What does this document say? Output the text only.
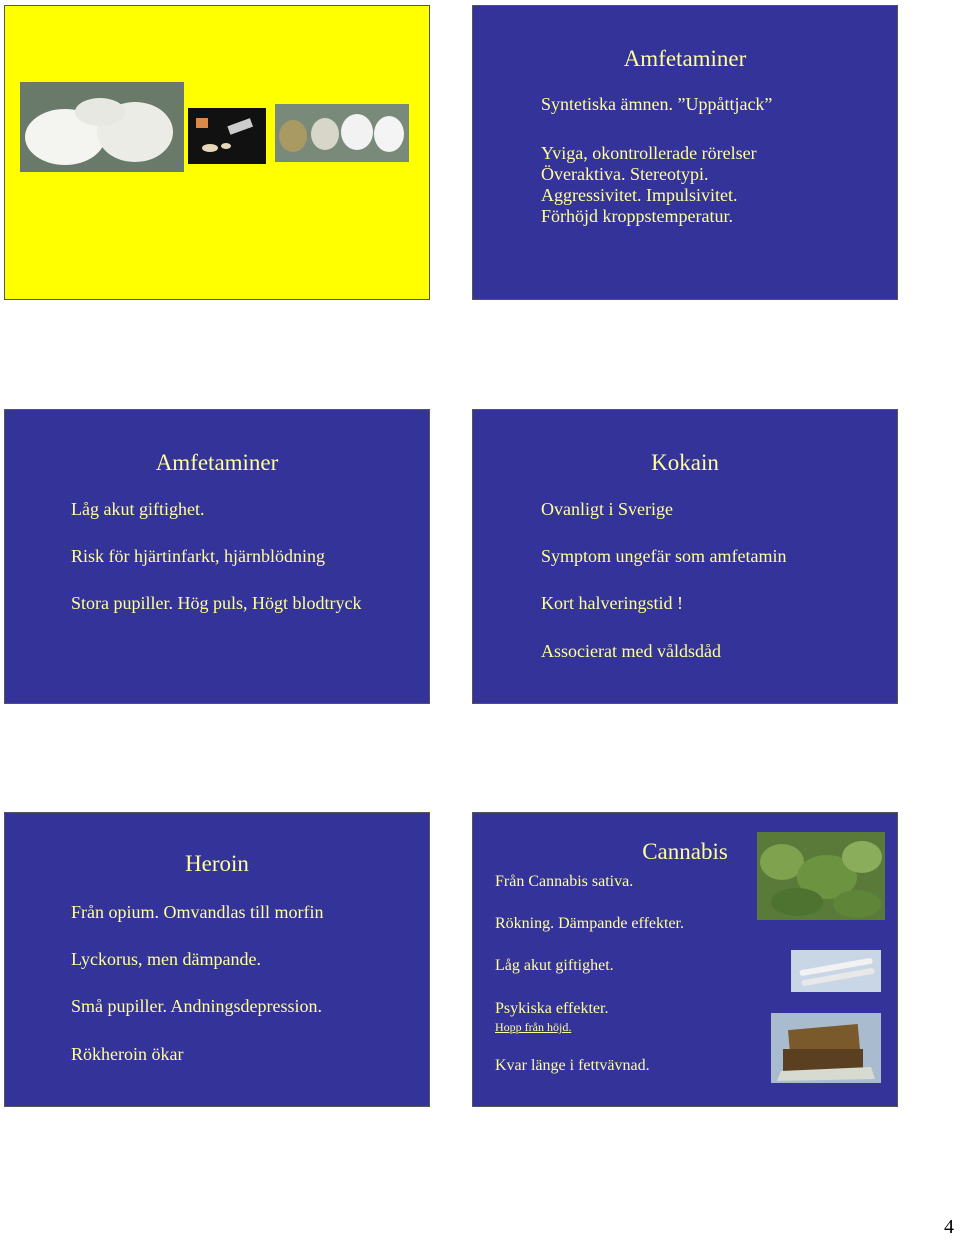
Amfetaminer
Syntetiska ämnen. ”Uppåttjack”
Yviga, okontrollerade rörelser
Överaktiva. Stereotypi.
Aggressivitet. Impulsivitet.
Förhöjd kroppstemperatur.
Amfetaminer
Låg akut giftighet.
Risk för hjärtinfarkt, hjärnblödning
Stora pupiller. Hög puls, Högt blodtryck
Kokain
Ovanligt i Sverige
Symptom ungefär som amfetamin
Kort halveringstid !
Associerat med våldsdåd
Heroin
Från opium. Omvandlas till morfin
Lyckorus, men dämpande.
Små pupiller. Andningsdepression.
Rökheroin ökar
Cannabis
Från Cannabis sativa.
Rökning. Dämpande effekter.
Låg akut giftighet.
Psykiska effekter.
Hopp från höjd.
Kvar länge i fettvävnad.
4
